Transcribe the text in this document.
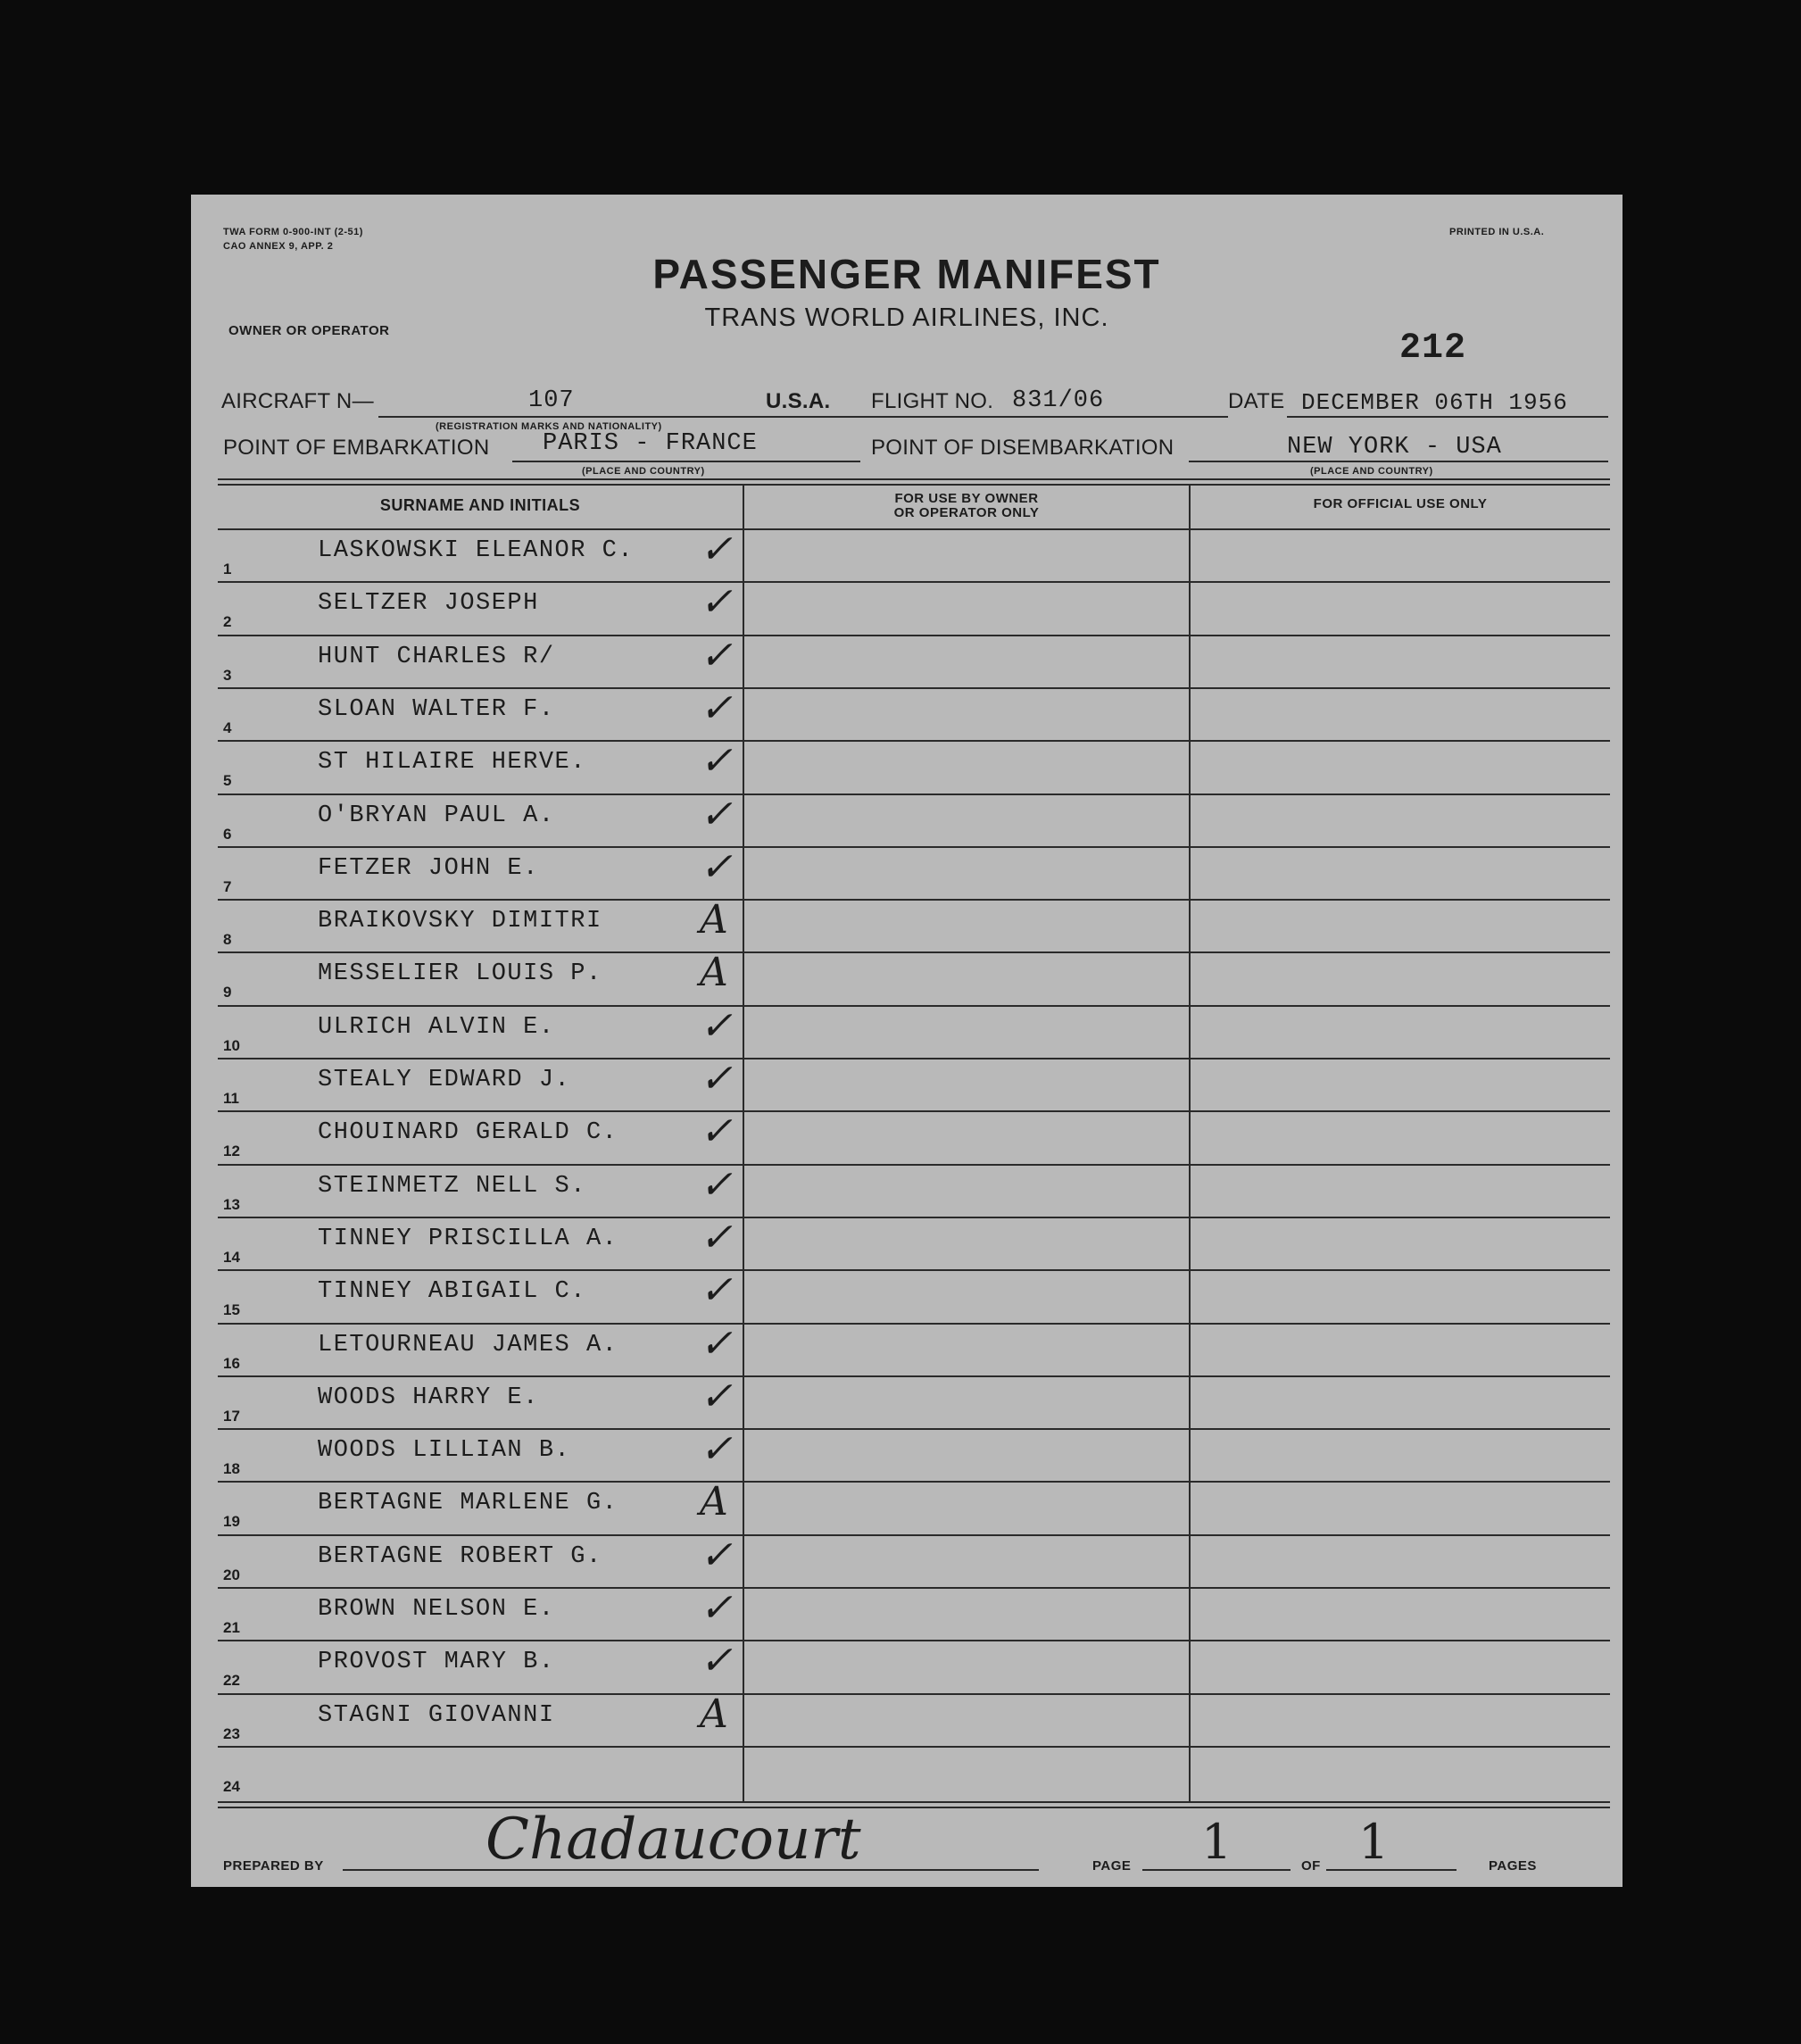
TWA FORM 0-900-INT (2-51)
CAO ANNEX 9, APP. 2
PRINTED IN U.S.A.
OWNER OR OPERATOR
PASSENGER MANIFEST
TRANS WORLD AIRLINES, INC.
212
AIRCRAFT N—	107
(REGISTRATION MARKS AND NATIONALITY)
U.S.A. FLIGHT NO. 831/06	DATE DECEMBER 06TH 1956
POINT OF EMBARKATION PARIS - FRANCE
(PLACE AND COUNTRY)
POINT OF DISEMBARKATION	NEW YORK - USA
(PLACE AND COUNTRY)
SURNAME AND INITIALS	FOR USE BY OWNER
OR OPERATOR ONLY
FOR OFFICIAL USE ONLY
1
LASKOWSKI ELEANOR C. ✓
2
SELTZER JOSEPH	✓
3
HUNT CHARLES R/	✓
4
SLOAN WALTER F.	✓
5
ST HILAIRE HERVE.	✓
6
O'BRYAN PAUL A.	✓
7
FETZER JOHN E.	✓
8
BRAIKOVSKY DIMITRI A
9
MESSELIER LOUIS P. A
10
ULRICH ALVIN E.	✓
11
STEALY EDWARD J.	✓
12
CHOUINARD GERALD C. ✓
13
STEINMETZ NELL S.	✓
14
TINNEY PRISCILLA A. ✓
15
TINNEY ABIGAIL C.	✓
16
LETOURNEAU JAMES A. ✓
17
WOODS HARRY E.	✓
18
WOODS LILLIAN B.	✓
19
BERTAGNE MARLENE G. A
20
BERTAGNE ROBERT G. ✓
21
BROWN NELSON E.	✓
22
PROVOST MARY B.	✓
23
STAGNI GIOVANNI	A
24
PREPARED BY	Chadaucourt	PAGE 1	OF 1	PAGES
